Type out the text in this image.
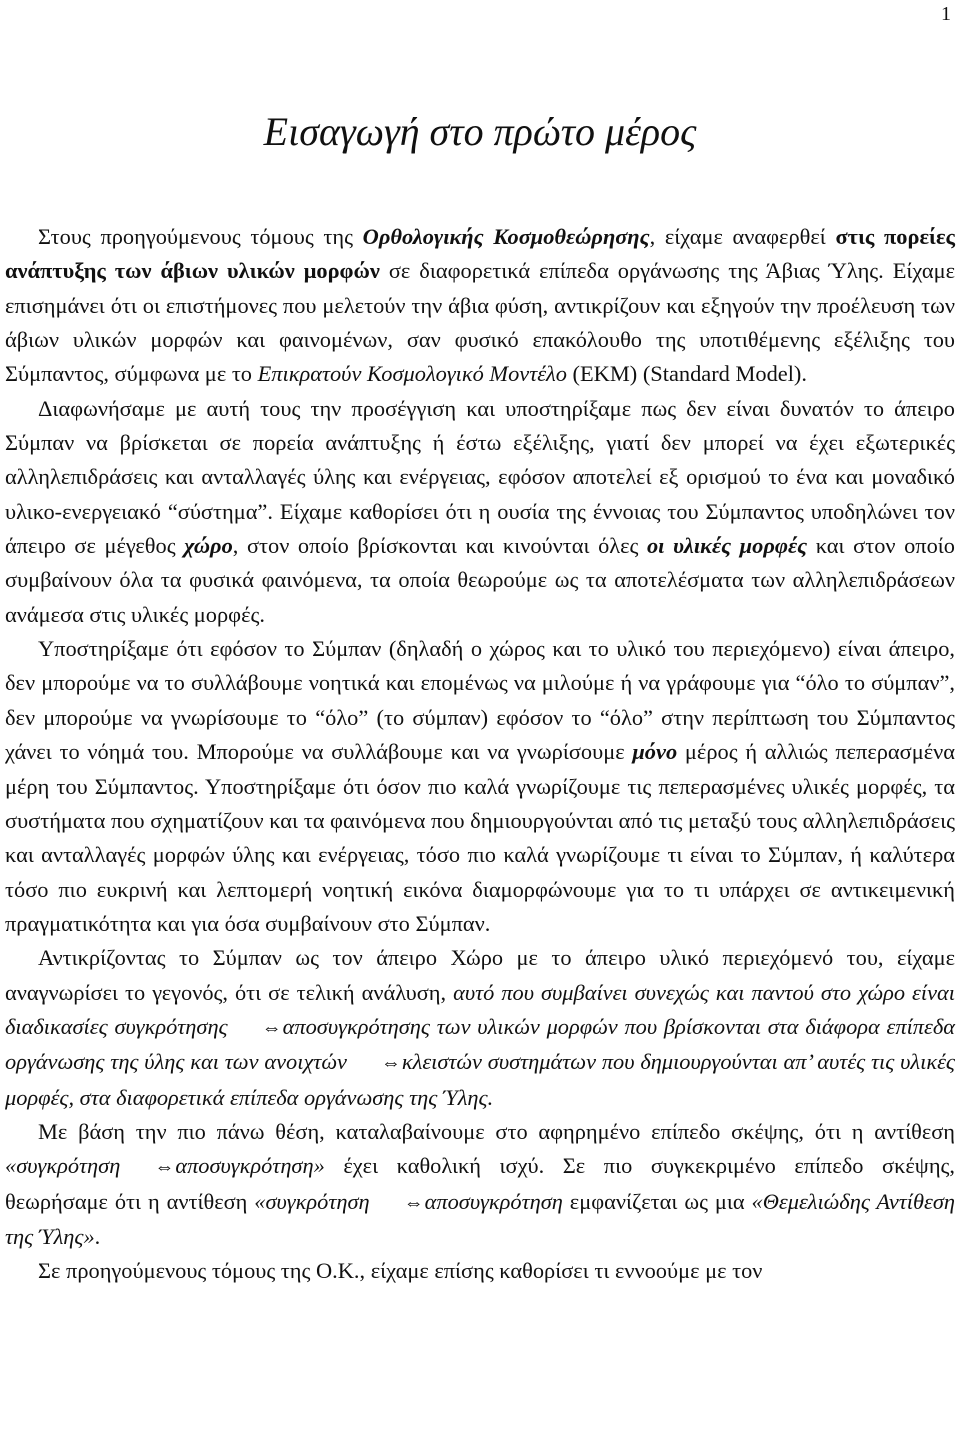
1
Εισαγωγή στο πρώτο μέρος

Στους προηγούμενους τόμους της Ορθολογικής Κοσμοθεώρησης, είχαμε αναφερθεί στις πορείες ανάπτυξης των άβιων υλικών μορφών σε διαφορετικά επίπεδα οργάνωσης της Άβιας Ύλης. Είχαμε επισημάνει ότι οι επιστήμονες που μελετούν την άβια φύση, αντικρίζουν και εξηγούν την προέλευση των άβιων υλικών μορφών και φαινομένων, σαν φυσικό επακόλουθο της υποτιθέμενης εξέλιξης του Σύμπαντος, σύμφωνα με το Επικρατούν Κοσμολογικό Μοντέλο (ΕΚΜ) (Standard Model).

Διαφωνήσαμε με αυτή τους την προσέγγιση και υποστηρίξαμε πως δεν είναι δυνατόν το άπειρο Σύμπαν να βρίσκεται σε πορεία ανάπτυξης ή έστω εξέλιξης, γιατί δεν μπορεί να έχει εξωτερικές αλληλεπιδράσεις και ανταλλαγές ύλης και ενέργειας, εφόσον αποτελεί εξ ορισμού το ένα και μοναδικό υλικο-ενεργειακό “σύστημα”. Είχαμε καθορίσει ότι η ουσία της έννοιας του Σύμπαντος υποδηλώνει τον άπειρο σε μέγεθος χώρο, στον οποίο βρίσκονται και κινούνται όλες οι υλικές μορφές και στον οποίο συμβαίνουν όλα τα φυσικά φαινόμενα, τα οποία θεωρούμε ως τα αποτελέσματα των αλληλεπιδράσεων ανάμεσα στις υλικές μορφές.

Υποστηρίξαμε ότι εφόσον το Σύμπαν (δηλαδή ο χώρος και το υλικό του περιεχόμενο) είναι άπειρο, δεν μπορούμε να το συλλάβουμε νοητικά και επομένως να μιλούμε ή να γράφουμε για “όλο το σύμπαν”, δεν μπορούμε να γνωρίσουμε το “όλο” (το σύμπαν) εφόσον το “όλο” στην περίπτωση του Σύμπαντος χάνει το νόημά του. Μπορούμε να συλλάβουμε και να γνωρίσουμε μόνο μέρος ή αλλιώς πεπερασμένα μέρη του Σύμπαντος. Υποστηρίξαμε ότι όσον πιο καλά γνωρίζουμε τις πεπερασμένες υλικές μορφές, τα συστήματα που σχηματίζουν και τα φαινόμενα που δημιουργούνται από τις μεταξύ τους αλληλεπιδράσεις και ανταλλαγές μορφών ύλης και ενέργειας, τόσο πιο καλά γνωρίζουμε τι είναι το Σύμπαν, ή καλύτερα τόσο πιο ευκρινή και λεπτομερή νοητική εικόνα διαμορφώνουμε για το τι υπάρχει σε αντικειμενική πραγματικότητα και για όσα συμβαίνουν στο Σύμπαν.

Αντικρίζοντας το Σύμπαν ως τον άπειρο Χώρο με το άπειρο υλικό περιεχόμενό του, είχαμε αναγνωρίσει το γεγονός, ότι σε τελική ανάλυση, αυτό που συμβαίνει συνεχώς και παντού στο χώρο είναι διαδικασίες συγκρότησης ⇔αποσυγκρότησης των υλικών μορφών που βρίσκονται στα διάφορα επίπεδα οργάνωσης της ύλης και των ανοιχτών ⇔κλειστών συστημάτων που δημιουργούνται απ’ αυτές τις υλικές μορφές, στα διαφορετικά επίπεδα οργάνωσης της Ύλης.

Με βάση την πιο πάνω θέση, καταλαβαίνουμε στο αφηρημένο επίπεδο σκέψης, ότι η αντίθεση «συγκρότηση ⇔αποσυγκρότηση» έχει καθολική ισχύ. Σε πιο συγκεκριμένο επίπεδο σκέψης, θεωρήσαμε ότι η αντίθεση «συγκρότηση ⇔αποσυγκρότηση εμφανίζεται ως μια «Θεμελιώδης Αντίθεση της Ύλης».

Σε προηγούμενους τόμους της Ο.Κ., είχαμε επίσης καθορίσει τι εννοούμε με τον
